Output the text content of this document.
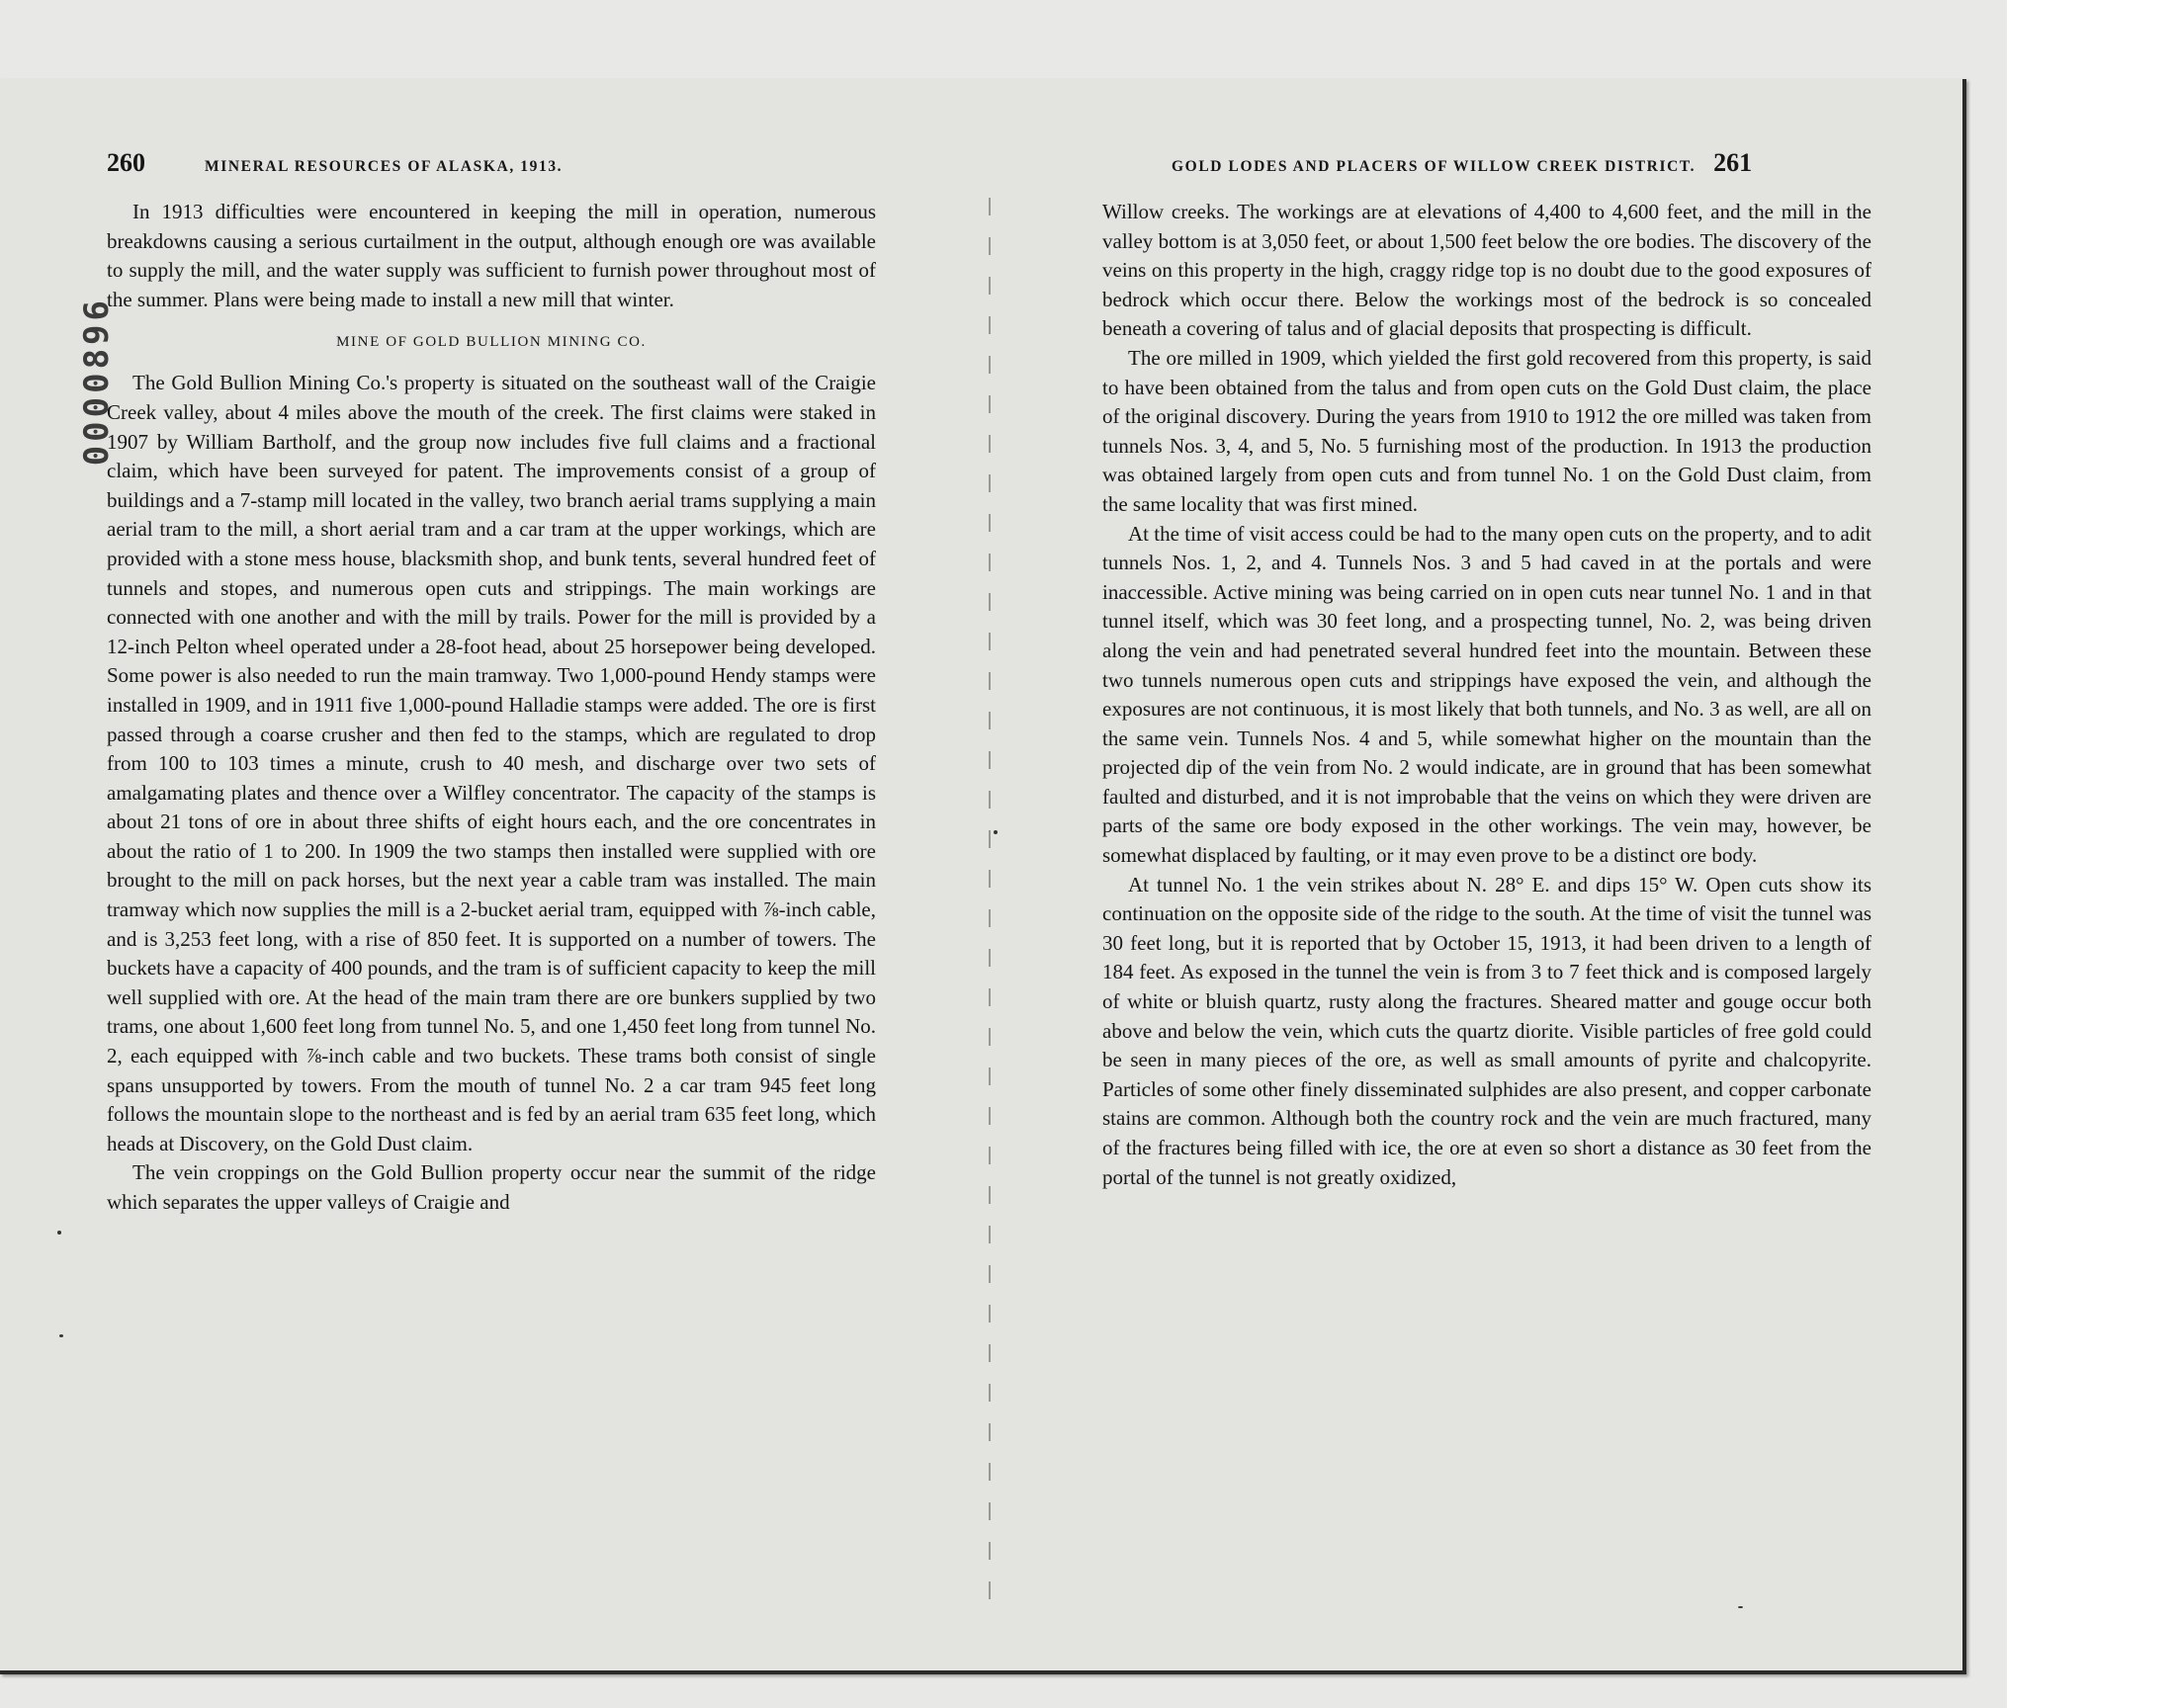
0000896
260	MINERAL RESOURCES OF ALASKA, 1913.

In 1913 difficulties were encountered in keeping the mill in operation, numerous breakdowns causing a serious curtailment in the output, although enough ore was available to supply the mill, and the water supply was sufficient to furnish power throughout most of the summer. Plans were being made to install a new mill that winter.

MINE OF GOLD BULLION MINING CO.

The Gold Bullion Mining Co.'s property is situated on the southeast wall of the Craigie Creek valley, about 4 miles above the mouth of the creek. The first claims were staked in 1907 by William Bartholf, and the group now includes five full claims and a fractional claim, which have been surveyed for patent. The improvements consist of a group of buildings and a 7-stamp mill located in the valley, two branch aerial trams supplying a main aerial tram to the mill, a short aerial tram and a car tram at the upper workings, which are provided with a stone mess house, blacksmith shop, and bunk tents, several hundred feet of tunnels and stopes, and numerous open cuts and strippings. The main workings are connected with one another and with the mill by trails. Power for the mill is provided by a 12-inch Pelton wheel operated under a 28-foot head, about 25 horsepower being developed. Some power is also needed to run the main tramway. Two 1,000-pound Hendy stamps were installed in 1909, and in 1911 five 1,000-pound Halladie stamps were added. The ore is first passed through a coarse crusher and then fed to the stamps, which are regulated to drop from 100 to 103 times a minute, crush to 40 mesh, and discharge over two sets of amalgamating plates and thence over a Wilfley concentrator. The capacity of the stamps is about 21 tons of ore in about three shifts of eight hours each, and the ore concentrates in about the ratio of 1 to 200. In 1909 the two stamps then installed were supplied with ore brought to the mill on pack horses, but the next year a cable tram was installed. The main tramway which now supplies the mill is a 2-bucket aerial tram, equipped with ⅞-inch cable, and is 3,253 feet long, with a rise of 850 feet. It is supported on a number of towers. The buckets have a capacity of 400 pounds, and the tram is of sufficient capacity to keep the mill well supplied with ore. At the head of the main tram there are ore bunkers supplied by two trams, one about 1,600 feet long from tunnel No. 5, and one 1,450 feet long from tunnel No. 2, each equipped with ⅞-inch cable and two buckets. These trams both consist of single spans unsupported by towers. From the mouth of tunnel No. 2 a car tram 945 feet long follows the mountain slope to the northeast and is fed by an aerial tram 635 feet long, which heads at Discovery, on the Gold Dust claim.

The vein croppings on the Gold Bullion property occur near the summit of the ridge which separates the upper valleys of Craigie and

GOLD LODES AND PLACERS OF WILLOW CREEK DISTRICT. 261

Willow creeks. The workings are at elevations of 4,400 to 4,600 feet, and the mill in the valley bottom is at 3,050 feet, or about 1,500 feet below the ore bodies. The discovery of the veins on this property in the high, craggy ridge top is no doubt due to the good exposures of bedrock which occur there. Below the workings most of the bedrock is so concealed beneath a covering of talus and of glacial deposits that prospecting is difficult.

The ore milled in 1909, which yielded the first gold recovered from this property, is said to have been obtained from the talus and from open cuts on the Gold Dust claim, the place of the original discovery. During the years from 1910 to 1912 the ore milled was taken from tunnels Nos. 3, 4, and 5, No. 5 furnishing most of the production. In 1913 the production was obtained largely from open cuts and from tunnel No. 1 on the Gold Dust claim, from the same locality that was first mined.

At the time of visit access could be had to the many open cuts on the property, and to adit tunnels Nos. 1, 2, and 4. Tunnels Nos. 3 and 5 had caved in at the portals and were inaccessible. Active mining was being carried on in open cuts near tunnel No. 1 and in that tunnel itself, which was 30 feet long, and a prospecting tunnel, No. 2, was being driven along the vein and had penetrated several hundred feet into the mountain. Between these two tunnels numerous open cuts and strippings have exposed the vein, and although the exposures are not continuous, it is most likely that both tunnels, and No. 3 as well, are all on the same vein. Tunnels Nos. 4 and 5, while somewhat higher on the mountain than the projected dip of the vein from No. 2 would indicate, are in ground that has been somewhat faulted and disturbed, and it is not improbable that the veins on which they were driven are parts of the same ore body exposed in the other workings. The vein may, however, be somewhat displaced by faulting, or it may even prove to be a distinct ore body.

At tunnel No. 1 the vein strikes about N. 28° E. and dips 15° W. Open cuts show its continuation on the opposite side of the ridge to the south. At the time of visit the tunnel was 30 feet long, but it is reported that by October 15, 1913, it had been driven to a length of 184 feet. As exposed in the tunnel the vein is from 3 to 7 feet thick and is composed largely of white or bluish quartz, rusty along the fractures. Sheared matter and gouge occur both above and below the vein, which cuts the quartz diorite. Visible particles of free gold could be seen in many pieces of the ore, as well as small amounts of pyrite and chalcopyrite. Particles of some other finely disseminated sulphides are also present, and copper carbonate stains are common. Although both the country rock and the vein are much fractured, many of the fractures being filled with ice, the ore at even so short a distance as 30 feet from the portal of the tunnel is not greatly oxidized,
